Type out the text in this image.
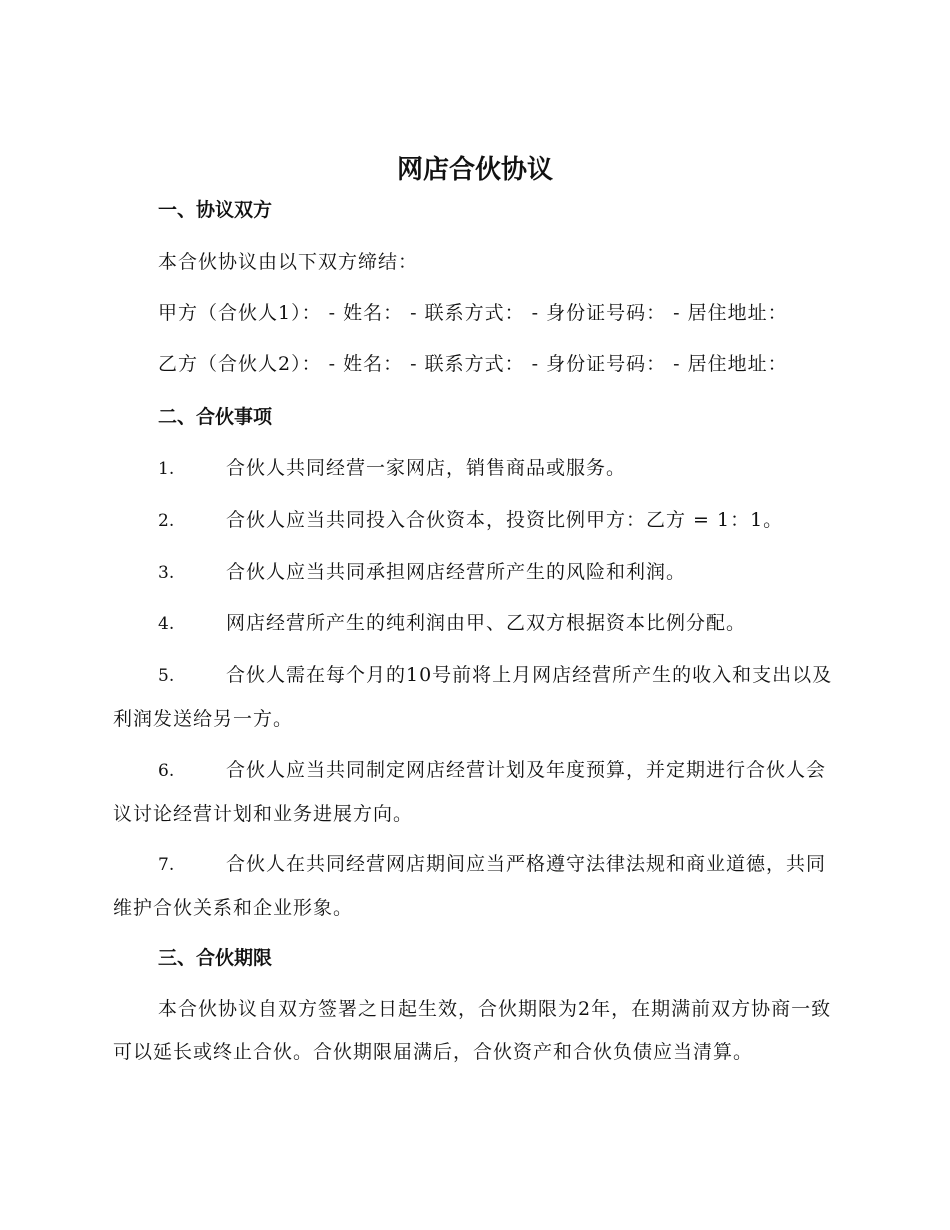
网店合伙协议
一、协议双方

本合伙协议由以下双方缔结：

甲方（合伙人1）： - 姓名： - 联系方式： - 身份证号码： - 居住地址：

乙方（合伙人2）： - 姓名： - 联系方式： - 身份证号码： - 居住地址：

二、合伙事项

1.	合伙人共同经营一家网店，销售商品或服务。

2.	合伙人应当共同投入合伙资本，投资比例甲方：乙方 = 1：1。

3.	合伙人应当共同承担网店经营所产生的风险和利润。

4.	网店经营所产生的纯利润由甲、乙双方根据资本比例分配。

5.	合伙人需在每个月的10号前将上月网店经营所产生的收入和支出以及利润发送给另一方。

6.	合伙人应当共同制定网店经营计划及年度预算，并定期进行合伙人会议讨论经营计划和业务进展方向。

7.	合伙人在共同经营网店期间应当严格遵守法律法规和商业道德，共同维护合伙关系和企业形象。

三、合伙期限

本合伙协议自双方签署之日起生效，合伙期限为2年，在期满前双方协商一致可以延长或终止合伙。合伙期限届满后，合伙资产和合伙负债应当清算。
